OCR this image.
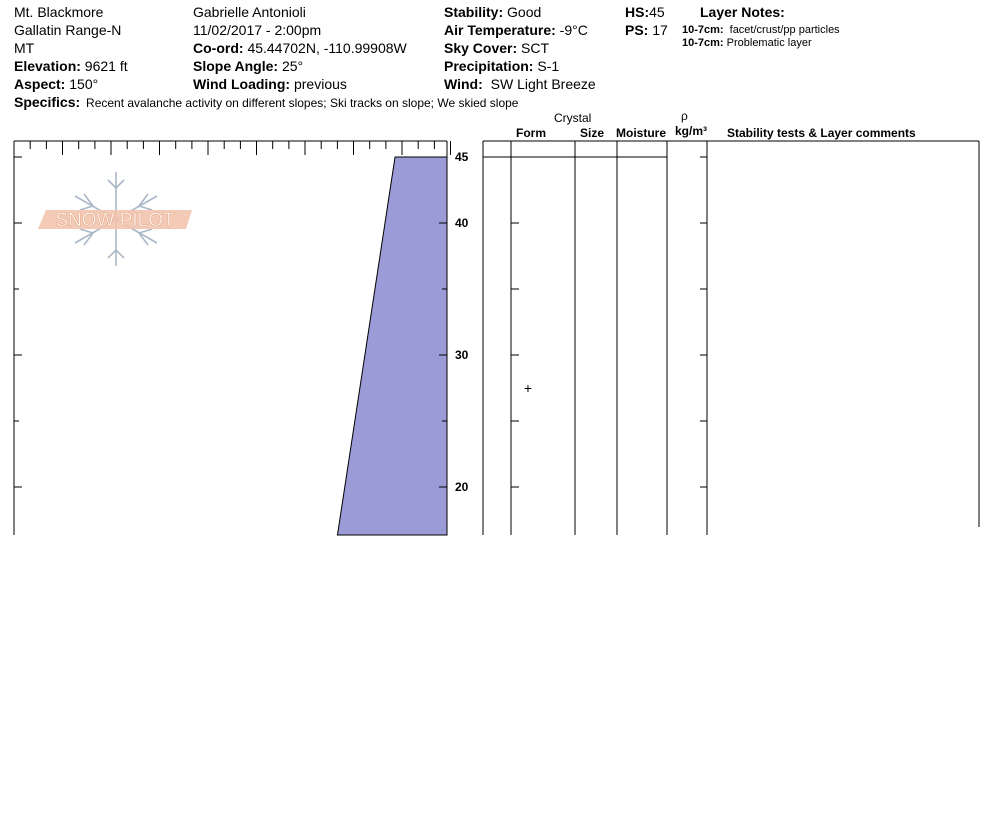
Mt. Blackmore
Gallatin Range-N
MT
Elevation: 9621 ft
Aspect: 150°
Gabrielle Antonioli
11/02/2017 - 2:00pm
Co-ord: 45.44702N, -110.99908W
Slope Angle: 25°
Wind Loading: previous
Stability: Good
Air Temperature: -9°C
Sky Cover: SCT
Precipitation: S-1
Wind: SW Light Breeze
HS:45
PS: 17
Layer Notes:
10-7cm: facet/crust/pp particles
10-7cm: Problematic layer
Specifics: Recent avalanche activity on different slopes; Ski tracks on slope; We skied slope
Crystal	ρ
Form	Size Moisture kg/m³ Stability tests & Layer comments
SNOW PILOT
20
30
40
45
+
